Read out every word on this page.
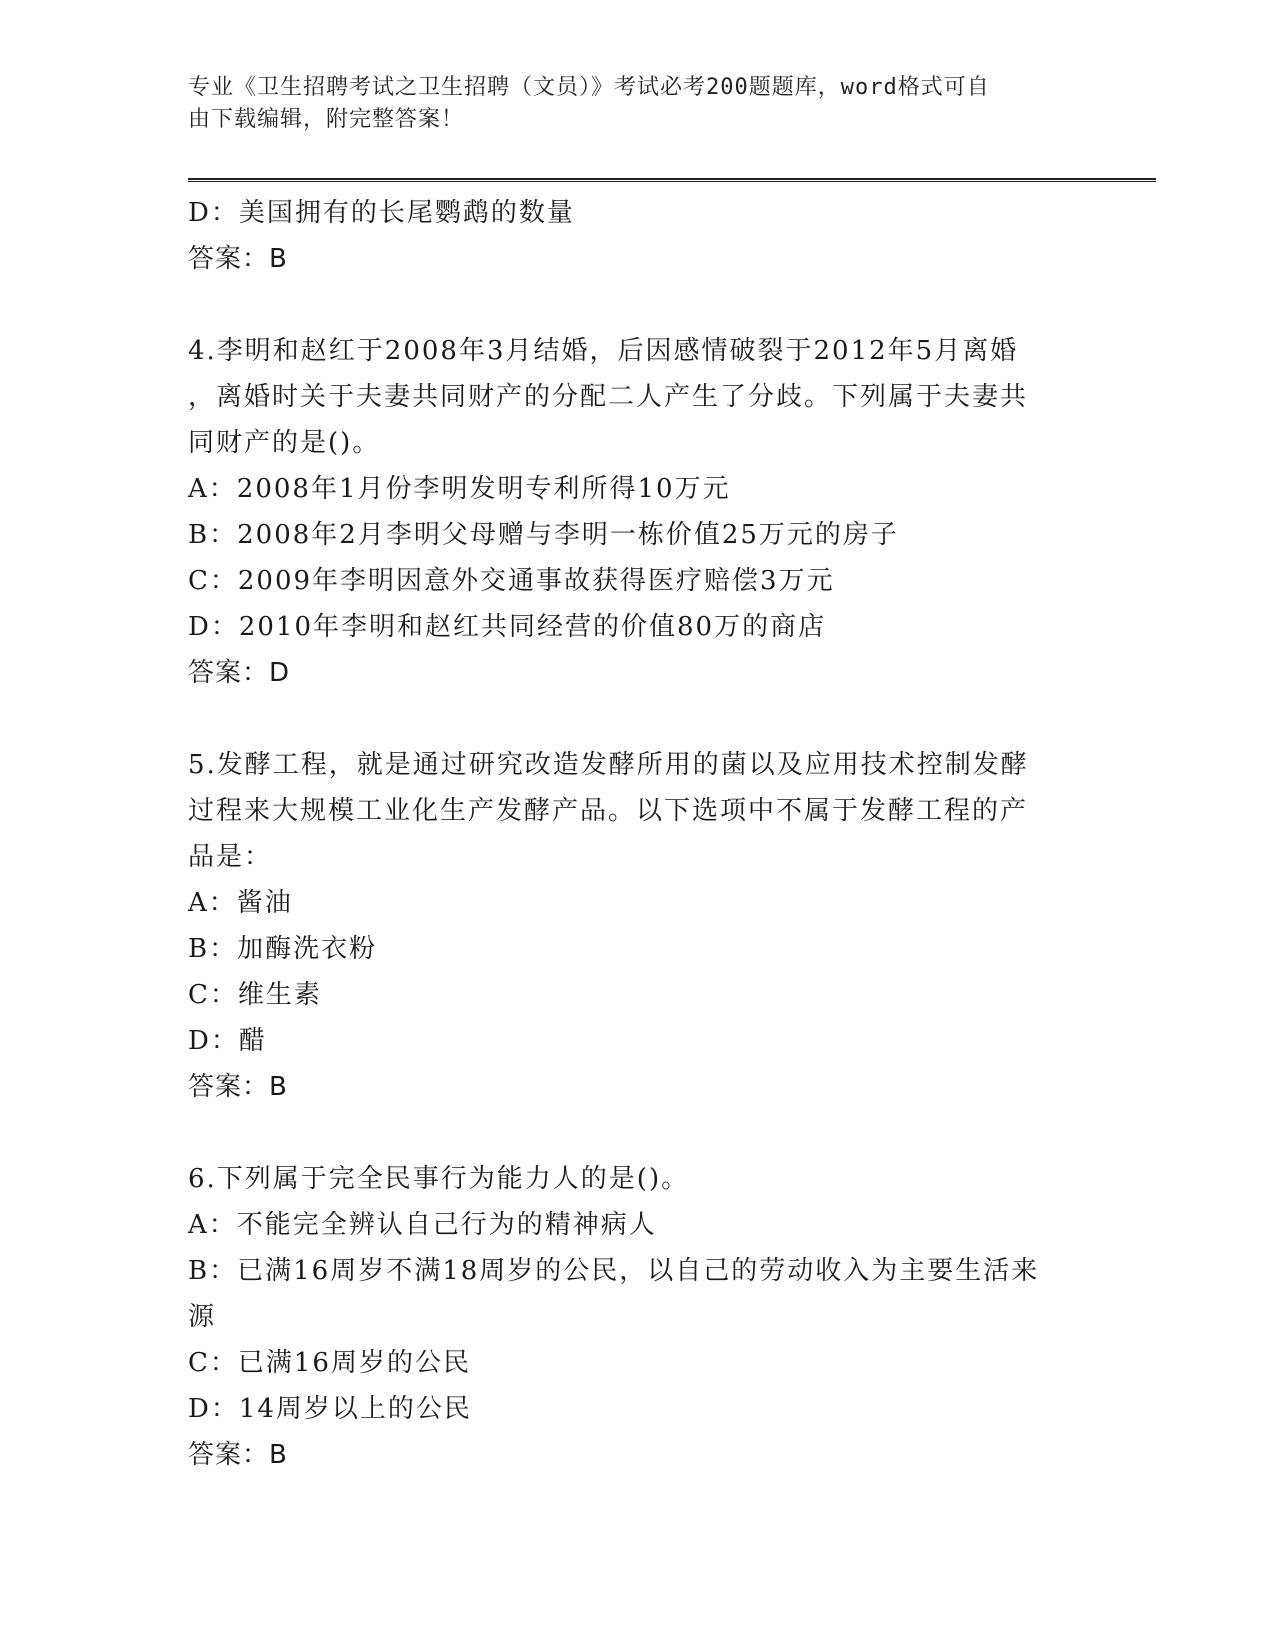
专业《卫生招聘考试之卫生招聘（文员）》考试必考200题题库，word格式可自
由下载编辑，附完整答案！

D：美国拥有的长尾鹦鹉的数量

答案：B

4.李明和赵红于2008年3月结婚，后因感情破裂于2012年5月离婚

，离婚时关于夫妻共同财产的分配二人产生了分歧。下列属于夫妻共

同财产的是()。

A：2008年1月份李明发明专利所得10万元

B：2008年2月李明父母赠与李明一栋价值25万元的房子

C：2009年李明因意外交通事故获得医疗赔偿3万元

D：2010年李明和赵红共同经营的价值80万的商店

答案：D

5.发酵工程，就是通过研究改造发酵所用的菌以及应用技术控制发酵

过程来大规模工业化生产发酵产品。以下选项中不属于发酵工程的产

品是：

A：酱油

B：加酶洗衣粉

C：维生素

D：醋

答案：B

6.下列属于完全民事行为能力人的是()。

A：不能完全辨认自己行为的精神病人

B：已满16周岁不满18周岁的公民，以自己的劳动收入为主要生活来

源

C：已满16周岁的公民

D：14周岁以上的公民

答案：B
